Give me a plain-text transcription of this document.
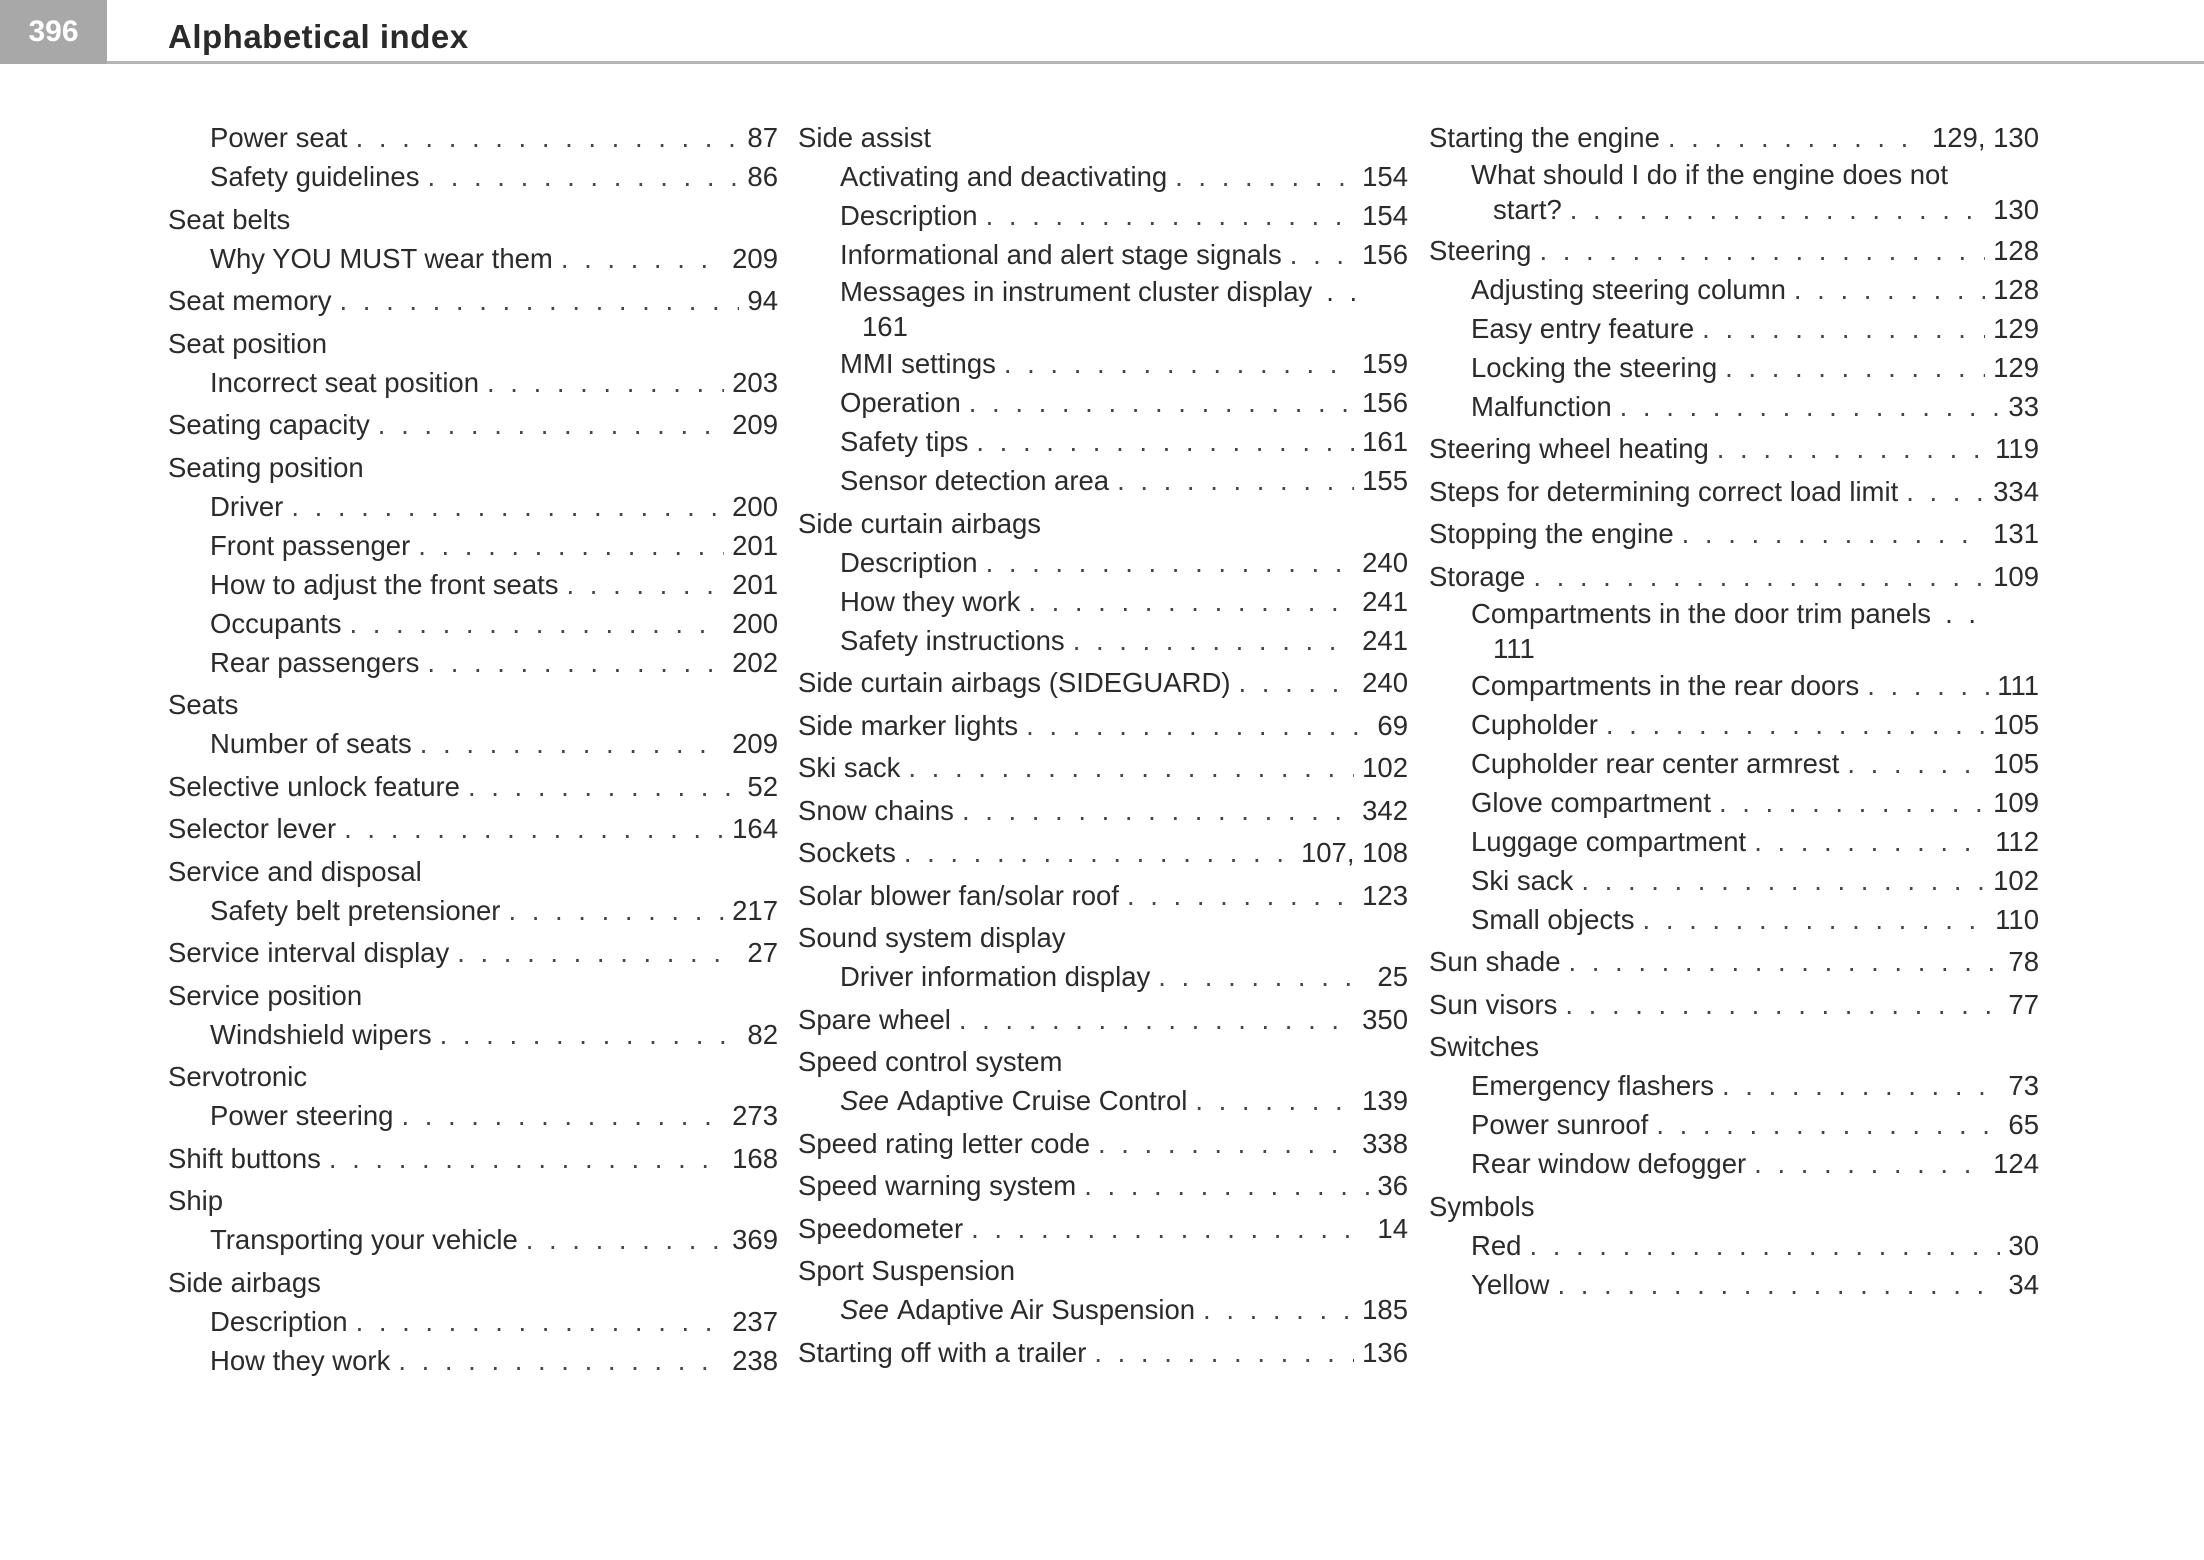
396	Alphabetical index
Power seat . . .	87
Safety guidelines . . .	86
Seat belts
Why YOU MUST wear them . . .	209
Seat memory . . .	94
Seat position
Incorrect seat position . . .	203
Seating capacity . . .	209
Seating position
Driver . . .	200
Front passenger . . .	201
How to adjust the front seats . . .	201
Occupants . . .	200
Rear passengers . . .	202
Seats
Number of seats . . .	209
Selective unlock feature . . .	52
Selector lever . . .	164
Service and disposal
Safety belt pretensioner . . .	217
Service interval display . . .	27
Service position
Windshield wipers . . .	82
Servotronic
Power steering . . .	273
Shift buttons . . .	168
Ship
Transporting your vehicle . . .	369
Side airbags
Description . . .	237
How they work . . .	238
Side assist
Activating and deactivating . . .	154
Description . . .	154
Informational and alert stage signals . . .	156
Messages in instrument cluster display . .
161
MMI settings . . .	159
Operation . . .	156
Safety tips . . .	161
Sensor detection area . . .	155
Side curtain airbags
Description . . .	240
How they work . . .	241
Safety instructions . . .	241
Side curtain airbags (SIDEGUARD) . . .	240
Side marker lights . . .	69
Ski sack . . .	102
Snow chains . . .	342
Sockets . . .	107, 108
Solar blower fan/solar roof . . .	123
Sound system display
Driver information display . . .	25
Spare wheel . . .	350
Speed control system
See Adaptive Cruise Control . . .	139
Speed rating letter code . . .	338
Speed warning system . . .	36
Speedometer . . .	14
Sport Suspension
See Adaptive Air Suspension . . .	185
Starting off with a trailer . . .	136
Starting the engine . . .	129, 130
What should I do if the engine does not
start? . . .	130
Steering . . .	128
Adjusting steering column . . .	128
Easy entry feature . . .	129
Locking the steering . . .	129
Malfunction . . .	33
Steering wheel heating . . .	119
Steps for determining correct load limit . . .	334
Stopping the engine . . .	131
Storage . . .	109
Compartments in the door trim panels . .
111
Compartments in the rear doors . . .	111
Cupholder . . .	105
Cupholder rear center armrest . . .	105
Glove compartment . . .	109
Luggage compartment . . .	112
Ski sack . . .	102
Small objects . . .	110
Sun shade . . .	78
Sun visors . . .	77
Switches
Emergency flashers . . .	73
Power sunroof . . .	65
Rear window defogger . . .	124
Symbols
Red . . .	30
Yellow . . .	34
